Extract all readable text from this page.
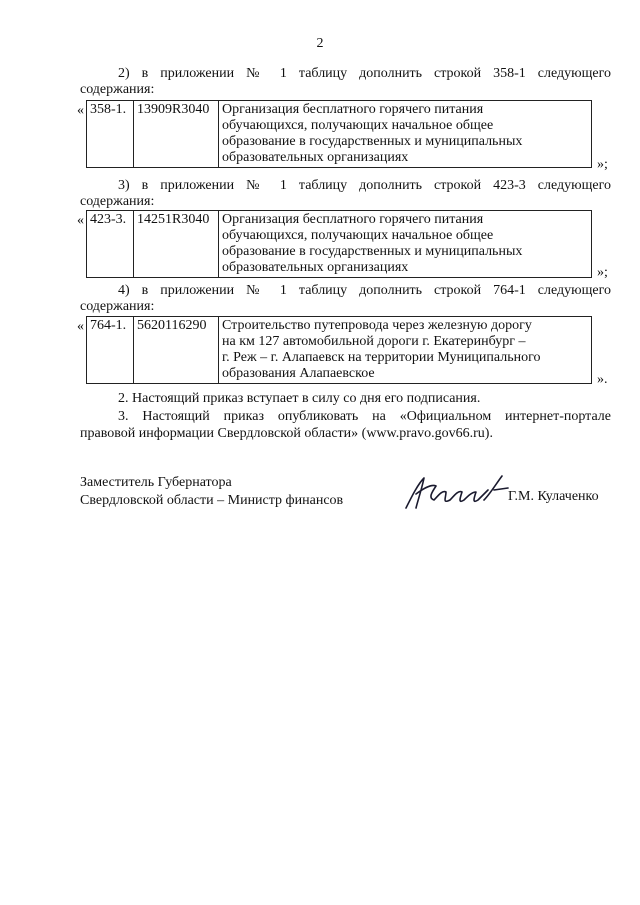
2
2) в приложении № 1 таблицу дополнить строкой 358-1 следующего
содержания:
« 358-1.	13909R3040	Организация бесплатного горячего питания
обучающихся, получающих начальное общее
образование в государственных и муниципальных
образовательных организациях	»;
3) в приложении № 1 таблицу дополнить строкой 423-3 следующего
содержания:
« 423-3.	14251R3040	Организация бесплатного горячего питания
обучающихся, получающих начальное общее
образование в государственных и муниципальных
образовательных организациях	»;
4) в приложении № 1 таблицу дополнить строкой 764-1 следующего
содержания:
« 764-1.	5620116290	Строительство путепровода через железную дорогу
на км 127 автомобильной дороги г. Екатеринбург –
г. Реж – г. Алапаевск на территории Муниципального
образования Алапаевское	».
2. Настоящий приказ вступает в силу со дня его подписания.
3. Настоящий приказ опубликовать на «Официальном интернет-портале
правовой информации Свердловской области» (www.pravo.gov66.ru).
Заместитель Губернатора
Свердловской области – Министр финансов	Г.М. Кулаченко
